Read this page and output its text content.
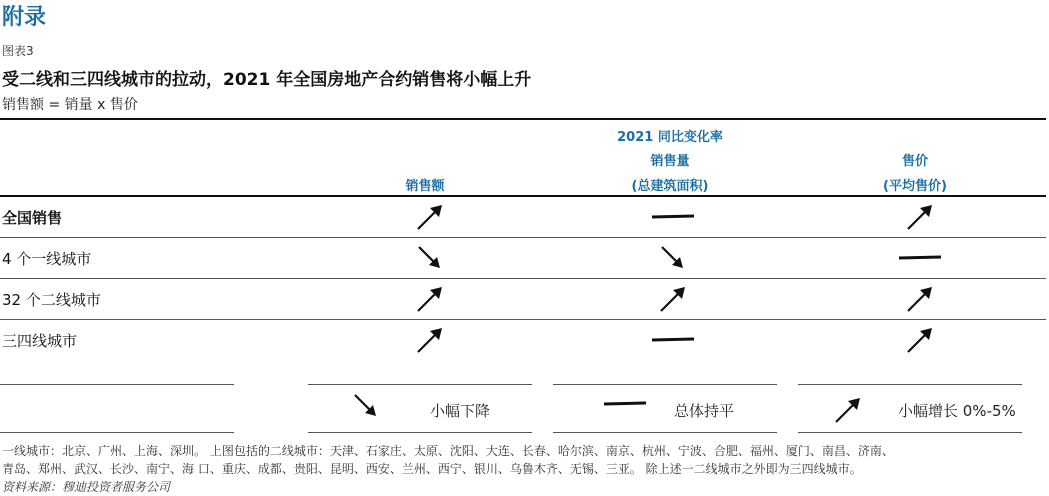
附录
图表3
受二线和三四线城市的拉动，2021 年全国房地产合约销售将小幅上升
销售额 = 销量 x 售价
2021 同比变化率
销售额
销售量
(总建筑面积)
售价
(平均售价)
全国销售
4 个一线城市
32 个二线城市
三四线城市
小幅下降	总体持平	小幅增长 0%-5%
一线城市：北京、广州、上海、深圳。 上图包括的二线城市：天津、石家庄、太原、沈阳、大连、长春、哈尔滨、南京、杭州、宁波、合肥、福州、厦门、南昌、济南、
青岛、郑州、武汉、长沙、南宁、海 口、重庆、成都、贵阳、昆明、西安、兰州、西宁、银川、乌鲁木齐、无锡、三亚。 除上述一二线城市之外即为三四线城市。
资料来源：穆迪投资者服务公司
